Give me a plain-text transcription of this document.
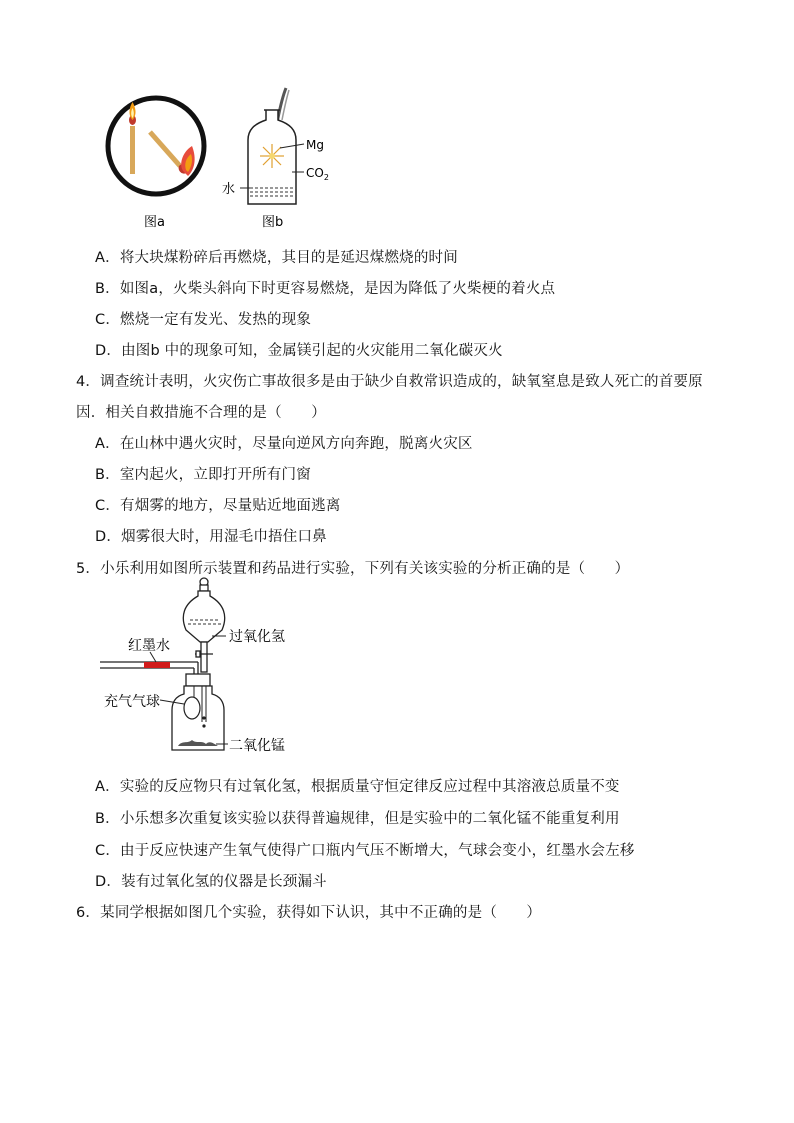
图a
Mg
$CO_2$
水
图b
A．将大块煤粉碎后再燃烧，其目的是延迟煤燃烧的时间
B．如图a，火柴头斜向下时更容易燃烧，是因为降低了火柴梗的着火点
C．燃烧一定有发光、发热的现象
D．由图b 中的现象可知，金属镁引起的火灾能用二氧化碳灭火
4．调查统计表明，火灾伤亡事故很多是由于缺少自救常识造成的，缺氧窒息是致人死亡的首要原
因．相关自救措施不合理的是（　　）
A．在山林中遇火灾时，尽量向逆风方向奔跑，脱离火灾区
B．室内起火，立即打开所有门窗
C．有烟雾的地方，尽量贴近地面逃离
D．烟雾很大时，用湿毛巾捂住口鼻
5．小乐利用如图所示装置和药品进行实验，下列有关该实验的分析正确的是（　　）
过氧化氢
红墨水
充气气球
二氧化锰
A．实验的反应物只有过氧化氢，根据质量守恒定律反应过程中其溶液总质量不变
B．小乐想多次重复该实验以获得普遍规律，但是实验中的二氧化锰不能重复利用
C．由于反应快速产生氧气使得广口瓶内气压不断增大，气球会变小，红墨水会左移
D．装有过氧化氢的仪器是长颈漏斗
6．某同学根据如图几个实验，获得如下认识，其中不正确的是（　　）
